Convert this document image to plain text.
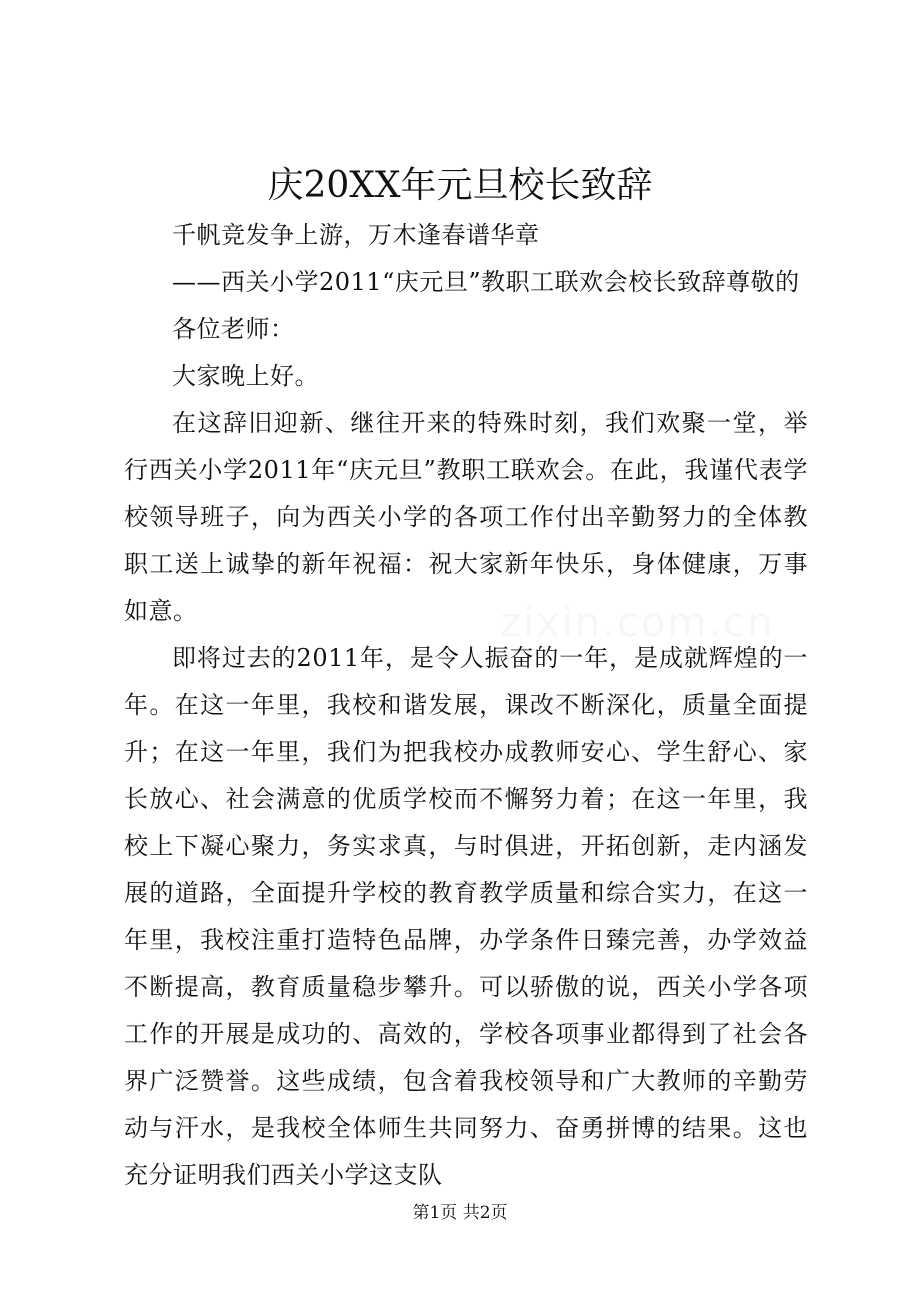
庆20XX年元旦校长致辞

千帆竞发争上游，万木逢春谱华章

——西关小学2011“庆元旦”教职工联欢会校长致辞尊敬的

各位老师：

大家晚上好。

在这辞旧迎新、继往开来的特殊时刻，我们欢聚一堂，举行西关小学2011年“庆元旦”教职工联欢会。在此，我谨代表学校领导班子，向为西关小学的各项工作付出辛勤努力的全体教职工送上诚挚的新年祝福：祝大家新年快乐，身体健康，万事如意。

即将过去的2011年，是令人振奋的一年，是成就辉煌的一年。在这一年里，我校和谐发展，课改不断深化，质量全面提升；在这一年里，我们为把我校办成教师安心、学生舒心、家长放心、社会满意的优质学校而不懈努力着；在这一年里，我校上下凝心聚力，务实求真，与时俱进，开拓创新，走内涵发展的道路，全面提升学校的教育教学质量和综合实力，在这一年里，我校注重打造特色品牌，办学条件日臻完善，办学效益不断提高，教育质量稳步攀升。可以骄傲的说，西关小学各项工作的开展是成功的、高效的，学校各项事业都得到了社会各界广泛赞誉。这些成绩，包含着我校领导和广大教师的辛勤劳动与汗水，是我校全体师生共同努力、奋勇拼博的结果。这也充分证明我们西关小学这支队

第1页 共2页
